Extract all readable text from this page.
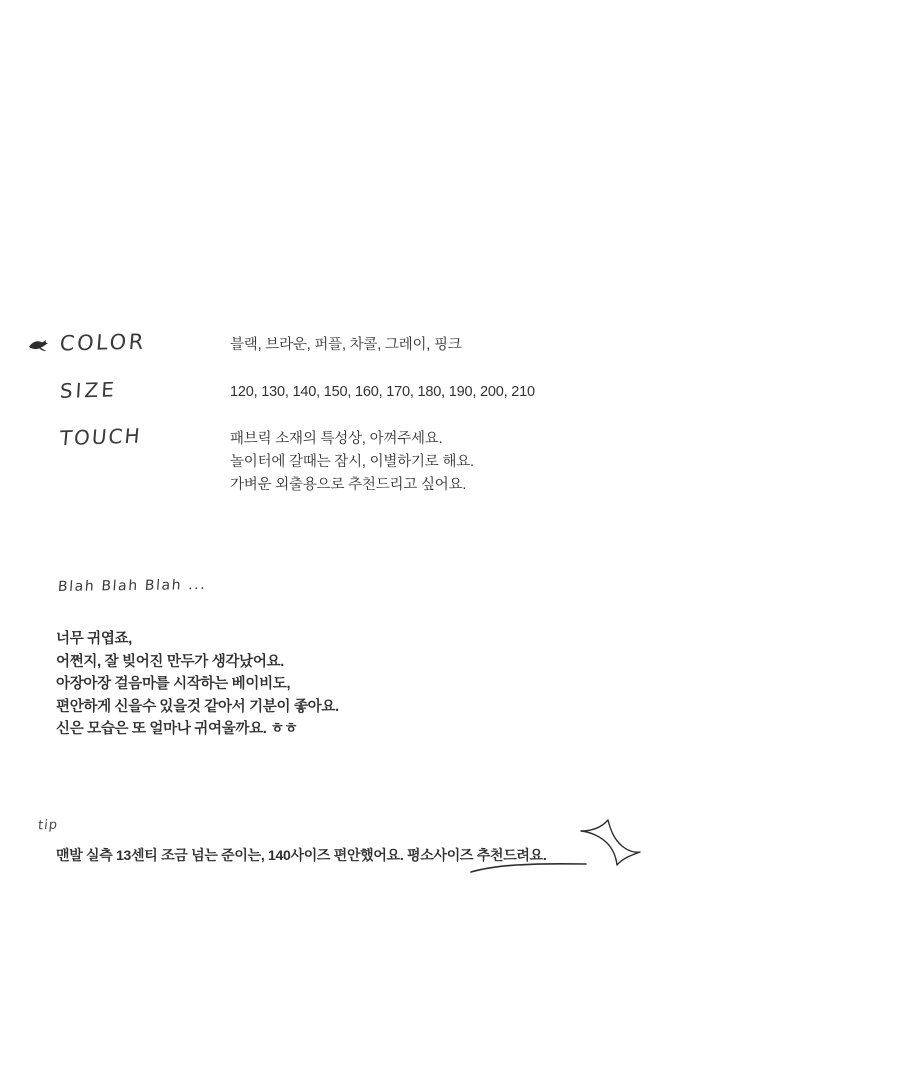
COLOR	블랙, 브라운, 퍼플, 차콜, 그레이, 핑크
SIZE	120, 130, 140, 150, 160, 170, 180, 190, 200, 210
TOUCH	패브릭 소재의 특성상, 아껴주세요.
놀이터에 갈때는 잠시, 이별하기로 해요.
가벼운 외출용으로 추천드리고 싶어요.
Blah Blah Blah ...
너무 귀엽죠,
어쩐지, 잘 빚어진 만두가 생각났어요.
아장아장 걸음마를 시작하는 베이비도,
편안하게 신을수 있을것 같아서 기분이 좋아요.
신은 모습은 또 얼마나 귀여울까요. ㅎㅎ
tip
맨발 실측 13센티 조금 넘는 준이는, 140사이즈 편안했어요. 평소사이즈 추천드려요.
